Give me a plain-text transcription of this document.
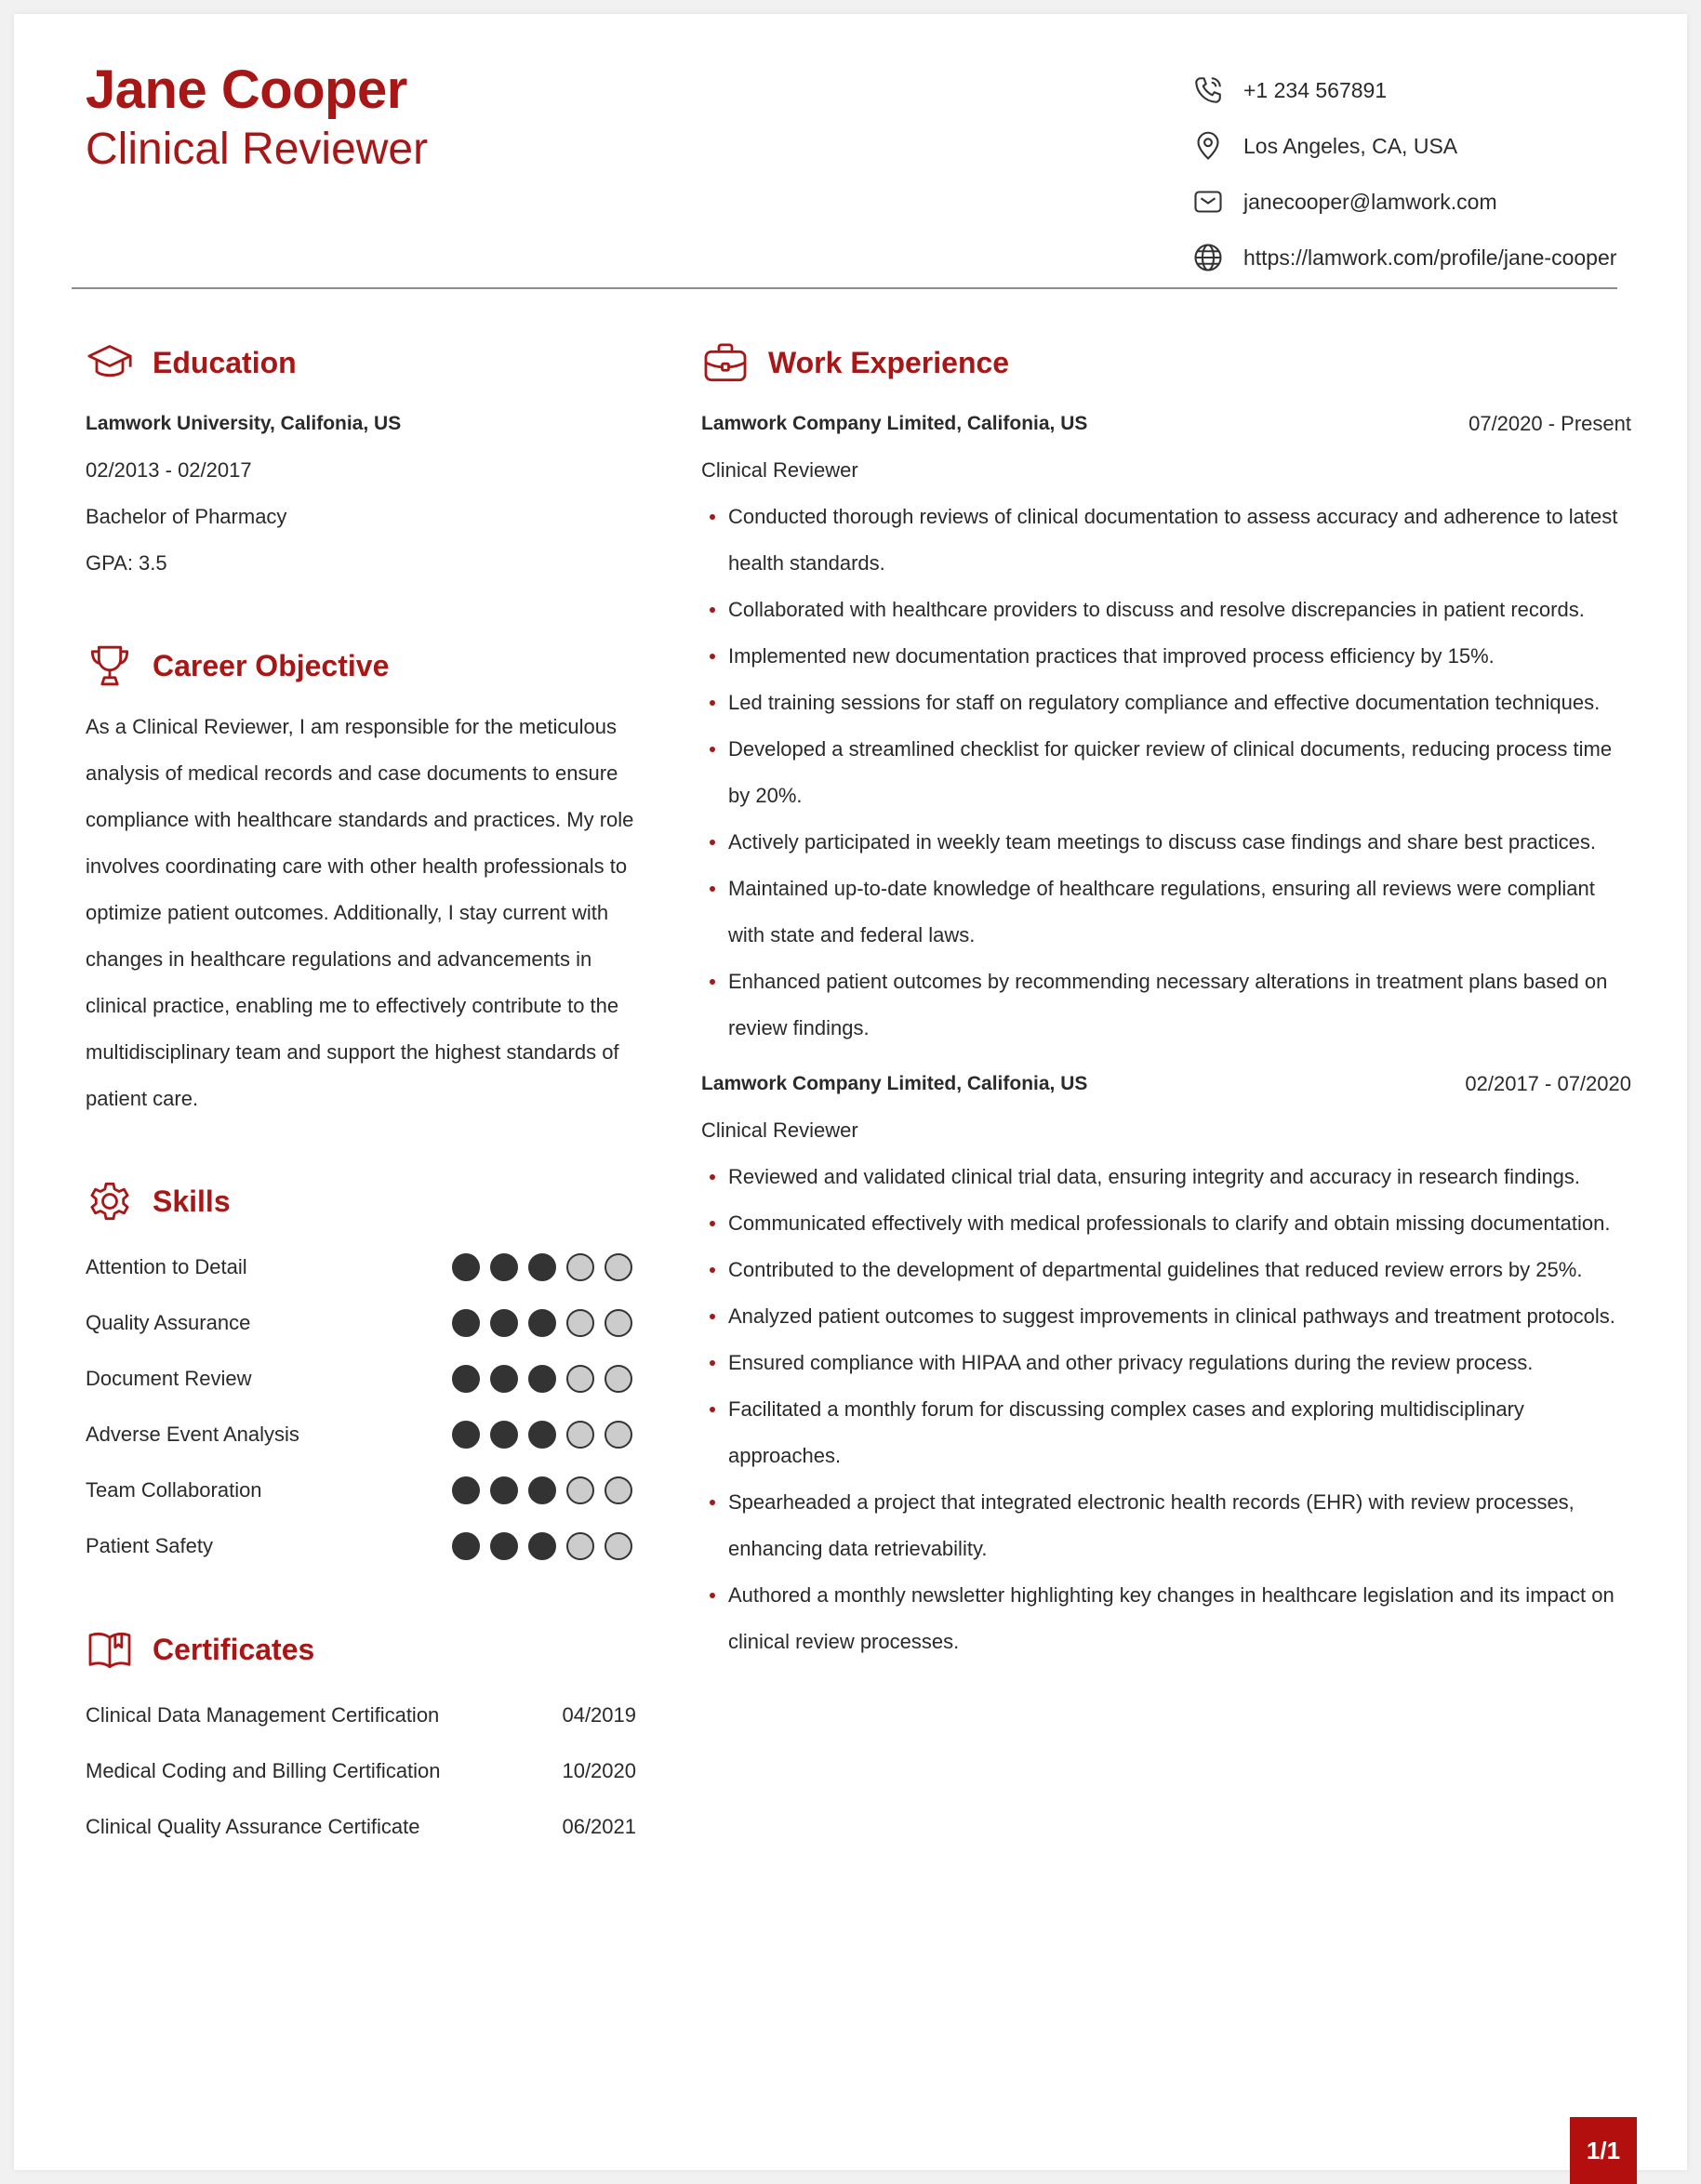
Jane Cooper
Clinical Reviewer
+1 234 567891
Los Angeles, CA, USA
janecooper@lamwork.com
https://lamwork.com/profile/jane-cooper
Education
Lamwork University, Califonia, US
02/2013 - 02/2017
Bachelor of Pharmacy
GPA: 3.5
Career Objective
As a Clinical Reviewer, I am responsible for the meticulous analysis of medical records and case documents to ensure compliance with healthcare standards and practices. My role involves coordinating care with other health professionals to optimize patient outcomes. Additionally, I stay current with changes in healthcare regulations and advancements in clinical practice, enabling me to effectively contribute to the multidisciplinary team and support the highest standards of patient care.
Skills
Attention to Detail
Quality Assurance
Document Review
Adverse Event Analysis
Team Collaboration
Patient Safety
Certificates
Clinical Data Management Certification	04/2019
Medical Coding and Billing Certification	10/2020
Clinical Quality Assurance Certificate	06/2021
Work Experience
Lamwork Company Limited, Califonia, US	07/2020 - Present
Clinical Reviewer
Conducted thorough reviews of clinical documentation to assess accuracy and adherence to latest health standards.
Collaborated with healthcare providers to discuss and resolve discrepancies in patient records.
Implemented new documentation practices that improved process efficiency by 15%.
Led training sessions for staff on regulatory compliance and effective documentation techniques.
Developed a streamlined checklist for quicker review of clinical documents, reducing process time by 20%.
Actively participated in weekly team meetings to discuss case findings and share best practices.
Maintained up-to-date knowledge of healthcare regulations, ensuring all reviews were compliant with state and federal laws.
Enhanced patient outcomes by recommending necessary alterations in treatment plans based on review findings.
Lamwork Company Limited, Califonia, US	02/2017 - 07/2020
Clinical Reviewer
Reviewed and validated clinical trial data, ensuring integrity and accuracy in research findings.
Communicated effectively with medical professionals to clarify and obtain missing documentation.
Contributed to the development of departmental guidelines that reduced review errors by 25%.
Analyzed patient outcomes to suggest improvements in clinical pathways and treatment protocols.
Ensured compliance with HIPAA and other privacy regulations during the review process.
Facilitated a monthly forum for discussing complex cases and exploring multidisciplinary approaches.
Spearheaded a project that integrated electronic health records (EHR) with review processes, enhancing data retrievability.
Authored a monthly newsletter highlighting key changes in healthcare legislation and its impact on clinical review processes.
1/1
